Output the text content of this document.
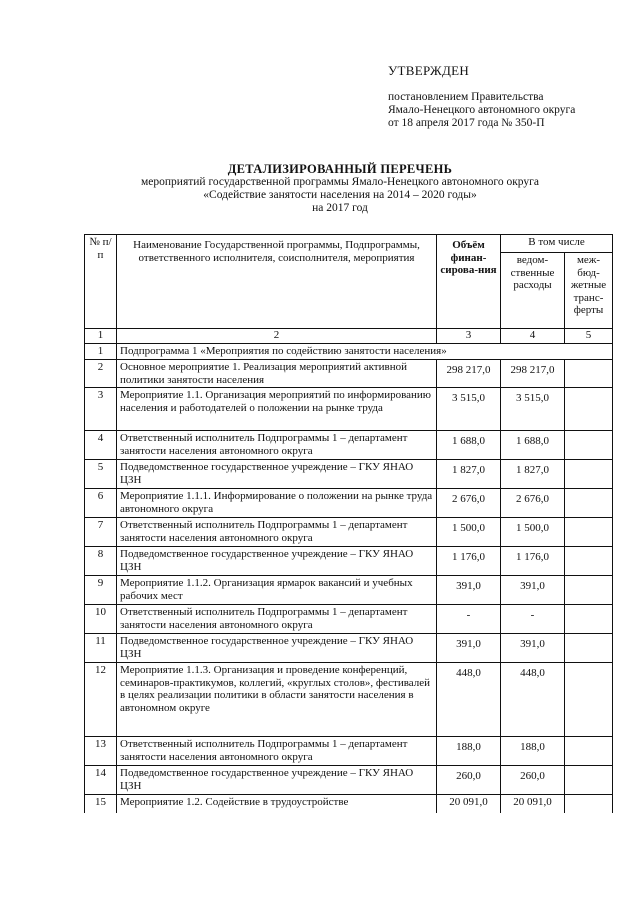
УТВЕРЖДЕН
постановлением Правительства
Ямало-Ненецкого автономного округа
от 18 апреля 2017 года № 350-П
ДЕТАЛИЗИРОВАННЫЙ ПЕРЕЧЕНЬ
мероприятий государственной программы Ямало-Ненецкого автономного округа
«Содействие занятости населения на 2014 – 2020 годы»
на 2017 год
№ п/п	Наименование Государственной программы, Подпрограммы, ответственного исполнителя, соисполнителя, мероприятия	Объём финан-сирова-ния	В том числе	
			ведом-ственные расходы	меж-бюд-жетные транс-ферты
1	2	3	4	5
1	Подпрограмма 1 «Мероприятия по содействию занятости населения»			
2	Основное мероприятие 1. Реализация мероприятий активной политики занятости населения	298 217,0	298 217,0	
3	Мероприятие 1.1. Организация мероприятий по информированию населения и работодателей о положении на рынке труда	3 515,0	3 515,0	
4	Ответственный исполнитель Подпрограммы 1 – департамент занятости населения автономного округа	1 688,0	1 688,0	
5	Подведомственное государственное учреждение – ГКУ ЯНАО ЦЗН	1 827,0	1 827,0	
6	Мероприятие 1.1.1. Информирование о положении на рынке труда автономного округа	2 676,0	2 676,0	
7	Ответственный исполнитель Подпрограммы 1 – департамент занятости населения автономного округа	1 500,0	1 500,0	
8	Подведомственное государственное учреждение – ГКУ ЯНАО ЦЗН	1 176,0	1 176,0	
9	Мероприятие 1.1.2. Организация ярмарок вакансий и учебных рабочих мест	391,0	391,0	
10	Ответственный исполнитель Подпрограммы 1 – департамент занятости населения автономного округа	-	-	
11	Подведомственное государственное учреждение – ГКУ ЯНАО ЦЗН	391,0	391,0	
12	Мероприятие 1.1.3. Организация и проведение конференций, семинаров-практикумов, коллегий, «круглых столов», фестивалей в целях реализации политики в области занятости населения в автономном округе	448,0	448,0	
13	Ответственный исполнитель Подпрограммы 1 – департамент занятости населения автономного округа	188,0	188,0	
14	Подведомственное государственное учреждение – ГКУ ЯНАО ЦЗН	260,0	260,0	
15	Мероприятие 1.2. Содействие в трудоустройстве	20 091,0	20 091,0	
